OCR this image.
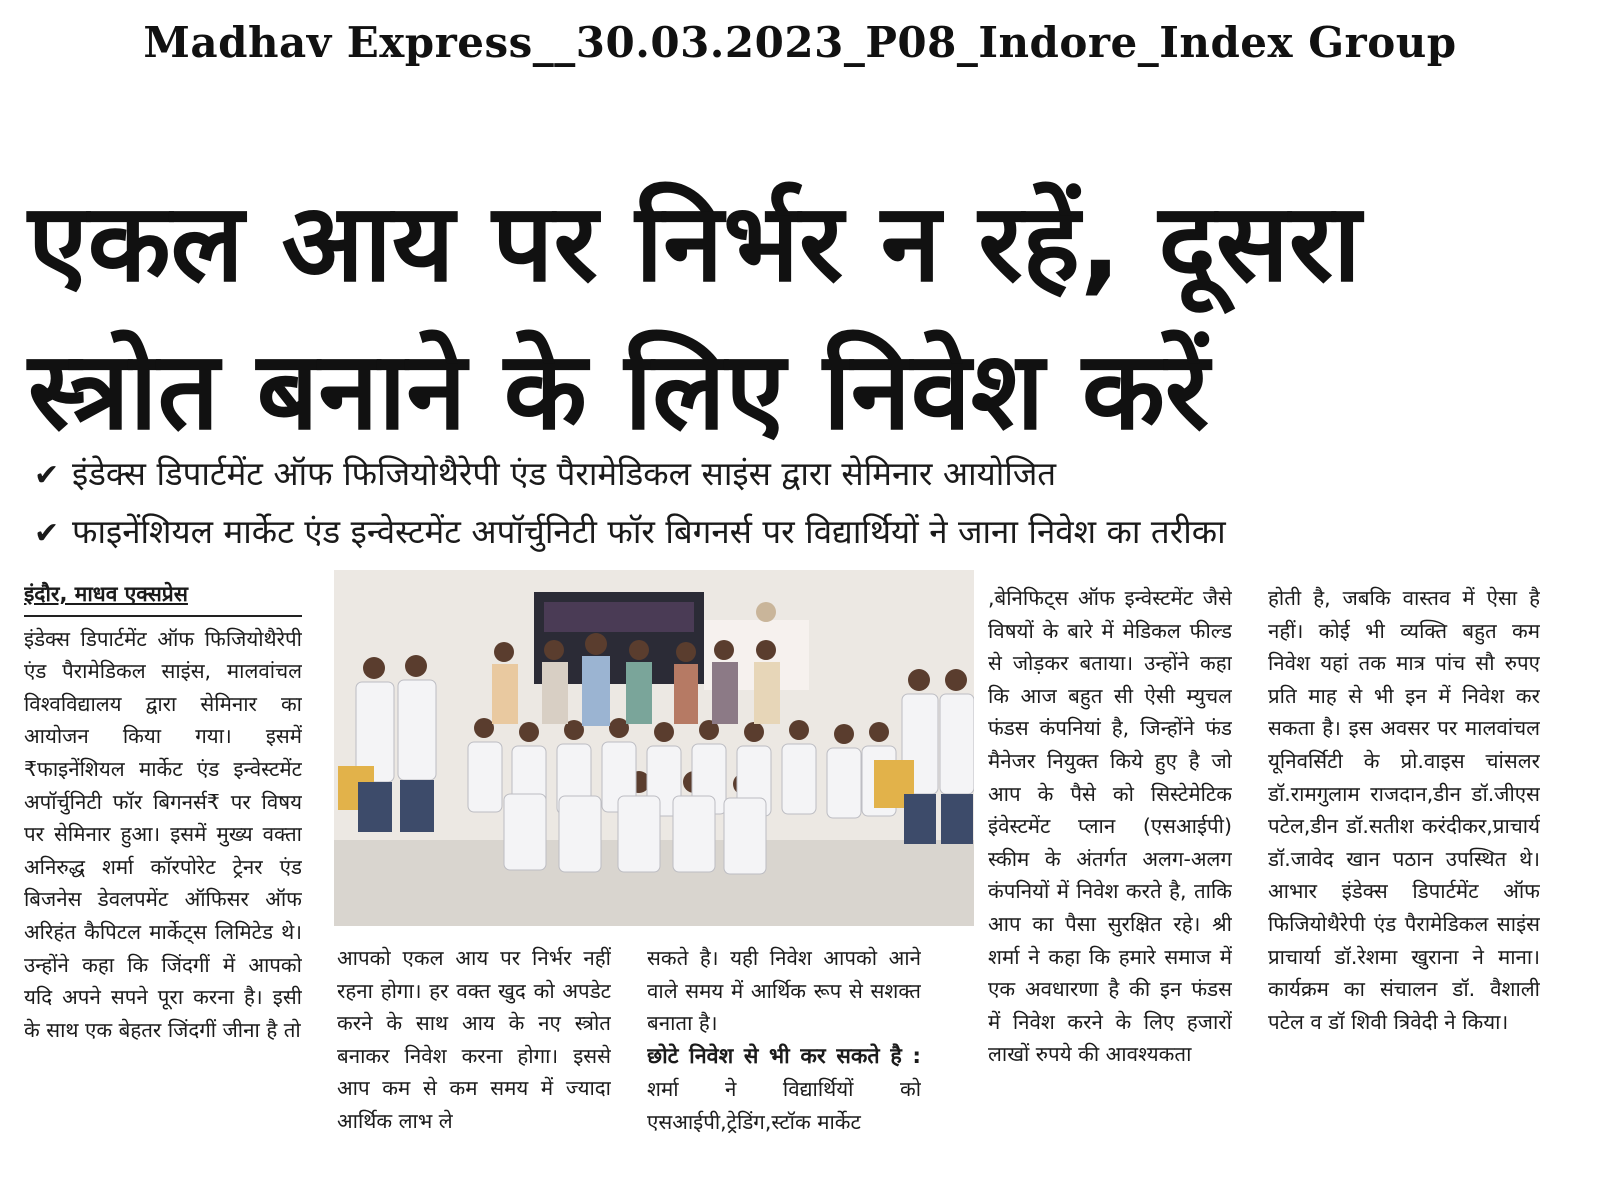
Madhav Express__30.03.2023_P08_Indore_Index Group
एकल आय पर निर्भर न रहें, दूसरा
स्त्रोत बनाने के लिए निवेश करें
✔ इंडेक्स डिपार्टमेंट ऑफ फिजियोथैरेपी एंड पैरामेडिकल साइंस द्वारा सेमिनार आयोजित
✔ फाइनेंशियल मार्केट एंड इन्वेस्टमेंट अपॉर्चुनिटी फॉर बिगनर्स पर विद्यार्थियों ने जाना निवेश का तरीका
इंदौर, माधव एक्सप्रेस

इंडेक्स डिपार्टमेंट ऑफ फिजियोथैरेपी एंड पैरामेडिकल साइंस, मालवांचल विश्वविद्यालय द्वारा सेमिनार का आयोजन किया गया। इसमें ₹फाइनेंशियल मार्केट एंड इन्वेस्टमेंट अपॉर्चुनिटी फॉर बिगनर्स₹ पर विषय पर सेमिनार हुआ। इसमें मुख्य वक्ता अनिरुद्ध शर्मा कॉरपोरेट ट्रेनर एंड बिजनेस डेवलपमेंट ऑफिसर ऑफ अरिहंत कैपिटल मार्केट्स लिमिटेड थे। उन्होंने कहा कि जिंदगीं में आपको यदि अपने सपने पूरा करना है। इसी के साथ एक बेहतर जिंदगीं जीना है तो

आपको एकल आय पर निर्भर नहीं रहना होगा। हर वक्त खुद को अपडेट करने के साथ आय के नए स्त्रोत बनाकर निवेश करना होगा। इससे आप कम से कम समय में ज्यादा आर्थिक लाभ ले

सकते है। यही निवेश आपको आने वाले समय में आर्थिक रूप से सशक्त बनाता है।

छोटे निवेश से भी कर सकते है : शर्मा ने विद्यार्थियों को एसआईपी,ट्रेडिंग,स्टॉक मार्केट

,बेनिफिट्स ऑफ इन्वेस्टमेंट जैसे विषयों के बारे में मेडिकल फील्ड से जोड़कर बताया। उन्होंने कहा कि आज बहुत सी ऐसी म्युचल फंडस कंपनियां है, जिन्होंने फंड मैनेजर नियुक्त किये हुए है जो आप के पैसे को सिस्टेमेटिक इंवेस्टमेंट प्लान (एसआईपी) स्कीम के अंतर्गत अलग-अलग कंपनियों में निवेश करते है, ताकि आप का पैसा सुरक्षित रहे। श्री शर्मा ने कहा कि हमारे समाज में एक अवधारणा है की इन फंडस में निवेश करने के लिए हजारों लाखों रुपये की आवश्यकता

होती है, जबकि वास्तव में ऐसा है नहीं। कोई भी व्यक्ति बहुत कम निवेश यहां तक मात्र पांच सौ रुपए प्रति माह से भी इन में निवेश कर सकता है। इस अवसर पर मालवांचल यूनिवर्सिटी के प्रो.वाइस चांसलर डॉ.रामगुलाम राजदान,डीन डॉ.जीएस पटेल,डीन डॉ.सतीश करंदीकर,प्राचार्य डॉ.जावेद खान पठान उपस्थित थे। आभार इंडेक्स डिपार्टमेंट ऑफ फिजियोथैरेपी एंड पैरामेडिकल साइंस प्राचार्या डॉ.रेशमा खुराना ने माना। कार्यक्रम का संचालन डॉ. वैशाली पटेल व डॉ शिवी त्रिवेदी ने किया।
